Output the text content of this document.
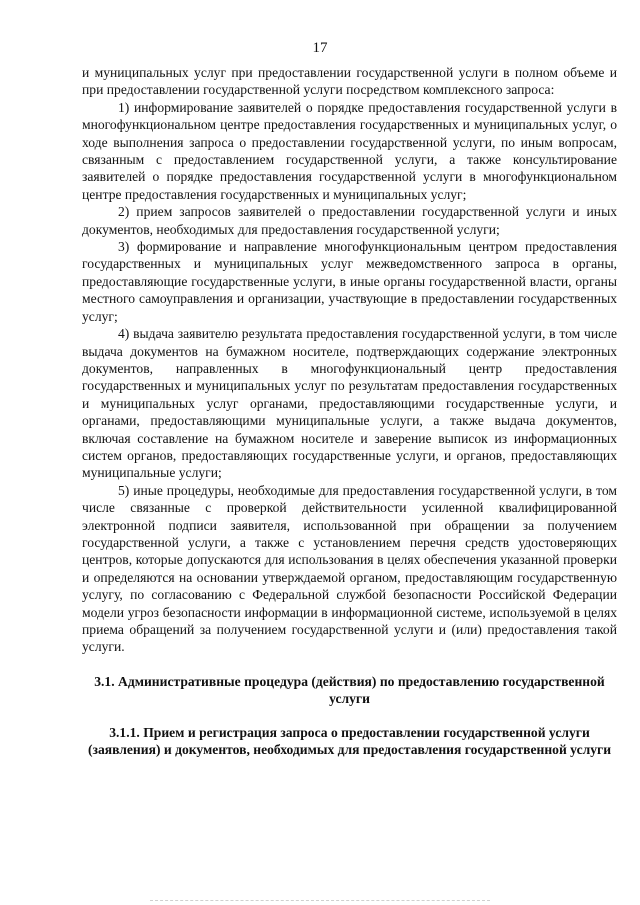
17

и муниципальных услуг при предоставлении государственной услуги в полном объеме и при предоставлении государственной услуги посредством комплексного запроса:

1) информирование заявителей о порядке предоставления государственной услуги в многофункциональном центре предоставления государственных и муниципальных услуг, о ходе выполнения запроса о предоставлении государственной услуги, по иным вопросам, связанным с предоставлением государственной услуги, а также консультирование заявителей о порядке предоставления государственной услуги в многофункциональном центре предоставления государственных и муниципальных услуг;

2) прием запросов заявителей о предоставлении государственной услуги и иных документов, необходимых для предоставления государственной услуги;

3) формирование и направление многофункциональным центром предоставления государственных и муниципальных услуг межведомственного запроса в органы, предоставляющие государственные услуги, в иные органы государственной власти, органы местного самоуправления и организации, участвующие в предоставлении государственных услуг;

4) выдача заявителю результата предоставления государственной услуги, в том числе выдача документов на бумажном носителе, подтверждающих содержание электронных документов, направленных в многофункциональный центр предоставления государственных и муниципальных услуг по результатам предоставления государственных и муниципальных услуг органами, предоставляющими государственные услуги, и органами, предоставляющими муниципальные услуги, а также выдача документов, включая составление на бумажном носителе и заверение выписок из информационных систем органов, предоставляющих государственные услуги, и органов, предоставляющих муниципальные услуги;

5) иные процедуры, необходимые для предоставления государственной услуги, в том числе связанные с проверкой действительности усиленной квалифицированной электронной подписи заявителя, использованной при обращении за получением государственной услуги, а также с установлением перечня средств удостоверяющих центров, которые допускаются для использования в целях обеспечения указанной проверки и определяются на основании утверждаемой органом, предоставляющим государственную услугу, по согласованию с Федеральной службой безопасности Российской Федерации модели угроз безопасности информации в информационной системе, используемой в целях приема обращений за получением государственной услуги и (или) предоставления такой услуги.

3.1. Административные процедура (действия) по предоставлению государственной услуги
3.1.1. Прием и регистрация запроса о предоставлении государственной услуги (заявления) и документов, необходимых для предоставления государственной услуги
